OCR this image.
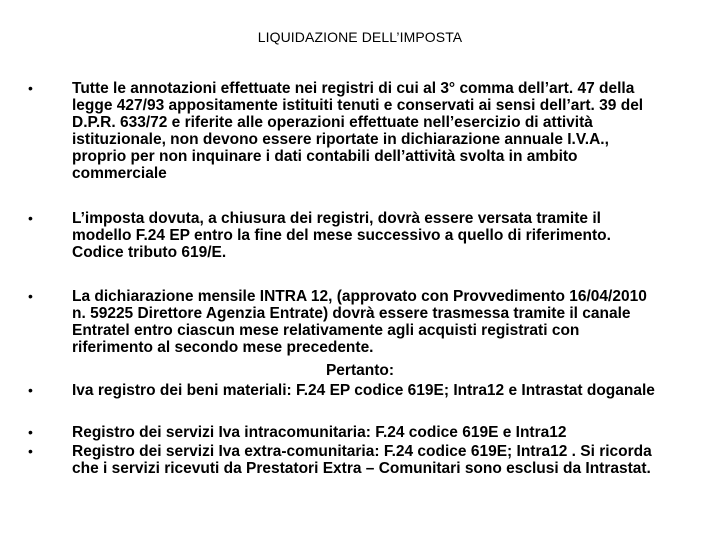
LIQUIDAZIONE DELL’IMPOSTA
•	Tutte le annotazioni effettuate nei registri di cui al 3° comma dell’art. 47 della legge 427/93 appositamente istituiti tenuti e conservati ai sensi dell’art. 39 del D.P.R. 633/72 e riferite alle operazioni effettuate nell’esercizio di attività istituzionale, non devono essere riportate in dichiarazione annuale I.V.A., proprio per non inquinare i dati contabili dell’attività svolta in ambito commerciale
•	L’imposta dovuta, a chiusura dei registri, dovrà essere versata tramite il modello F.24 EP entro la fine del mese successivo a quello di riferimento. Codice tributo 619/E.
•	La dichiarazione mensile INTRA 12, (approvato con Provvedimento 16/04/2010 n. 59225 Direttore Agenzia Entrate) dovrà essere trasmessa tramite il canale Entratel entro ciascun mese relativamente agli acquisti registrati con riferimento al secondo mese precedente.
Pertanto:
•	Iva registro dei beni materiali: F.24 EP codice 619E; Intra12 e Intrastat doganale
•	Registro dei servizi Iva intracomunitaria: F.24 codice 619E e Intra12
•	Registro dei servizi Iva extra-comunitaria: F.24 codice 619E; Intra12 . Si ricorda che i servizi ricevuti da Prestatori Extra – Comunitari sono esclusi da Intrastat.
